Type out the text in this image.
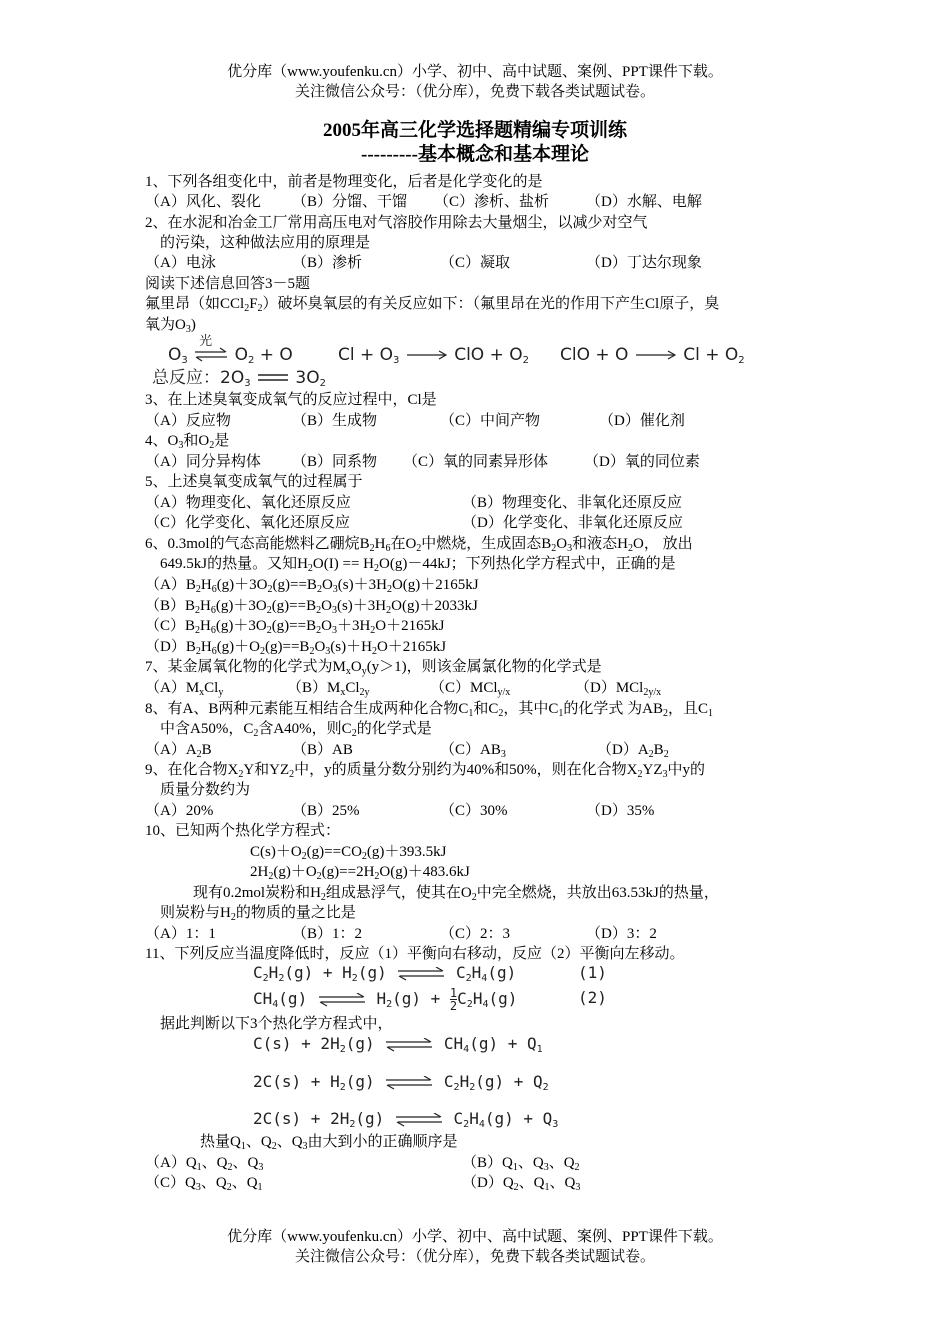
优分库（www.youfenku.cn）小学、初中、高中试题、案例、PPT课件下载。
关注微信公众号：（优分库），免费下载各类试题试卷。
2005年高三化学选择题精编专项训练
---------基本概念和基本理论
1、下列各组变化中，前者是物理变化，后者是化学变化的是
（A）风化、裂化 （B）分馏、干馏 （C）渗析、盐析 （D）水解、电解
2、在水泥和冶金工厂常用高压电对气溶胶作用除去大量烟尘，以减少对空气
的污染，这种做法应用的原理是
（A）电泳	（B）渗析	（C）凝取	（D）丁达尔现象
阅读下述信息回答3－5题
氟里昂（如$CCl_2F_2$）破坏臭氧层的有关反应如下：（氟里昂在光的作用下产生Cl原子，臭
氧为$O_3$)
$O_3$
光
$O_2 + O$	$Cl + O_3$	ClO + $O_2$ ClO + O	$Cl + O_2$
总反应：$2O_3$  $3O_2$
3、在上述臭氧变成氧气的反应过程中，Cl是
（A）反应物	（B）生成物	（C）中间产物	（D）催化剂
4、$O_3$和$O_2$是
（A）同分异构体 （B）同系物 （C）氧的同素异形体 （D）氧的同位素
5、上述臭氧变成氧气的过程属于
（A）物理变化、氧化还原反应	（B）物理变化、非氧化还原反应
（C）化学变化、氧化还原反应	（D）化学变化、非氧化还原反应
6、0.3mol的气态高能燃料乙硼烷$B_2H_6$在$O_2$中燃烧，生成固态$B_2O_3$和液态$H_2O$， 放出
649.5kJ的热量。又知$H_2O(I) == H_2O(g)-44kJ$；下列热化学方程式中，正确的是
$(A)B_2H_6(g)+3O_2(g)==B_2O_3(s)+3H_2O(g)+2165kJ$
$(B)B_2H_6(g)+3O_2(g)==B_2O_3(s)+3H_2O(g)+2033kJ$
$(C)B_2H_6(g)+3O_2(g)==B_2O_3+3H_2O+2165kJ$
$(D)B_2H_6(g)+O_2(g)==B_2O_3(s)+H_2O+2165kJ$
7、某金属氧化物的化学式为$M_xO_y(y>1)$，则该金属氯化物的化学式是
$(A)M_xCl_y$	$(B)M_xCl_{2y}$	（C）MCl$_{y/x}$	（D）MCl$_{2y/x}$
8、有A、B两种元素能互相结合生成两种化合物$C_1$和$C_2$，其中$C_1$的化学式 为$AB_2$，且$C_1$
中含A50%，$C_2$含A40%，则$C_2$的化学式是
$(A)A_2B$	（B）AB	$(C)AB_3$	$(D)A_2B_2$
9、在化合物$X_2Y$和$YZ_2$中，y的质量分数分别约为40%和50%，则在化合物$X_2YZ_3$中y的
质量分数约为
（A）20%	（B）25%	（C）30%	（D）35%
10、已知两个热化学方程式：
$C(s)+O_2(g)==CO_2(g)+393.5kJ$
$2H_2(g)+O_2(g)==2H_2O(g)+483.6kJ$
现有0.2mol炭粉和$H_2$组成悬浮气，使其在$O_2$中完全燃烧，共放出63.53kJ的热量，
则炭粉与$H_2$的物质的量之比是
（A）1：1	（B）1：2	（C）2：3	（D）3：2
11、下列反应当温度降低时，反应（1）平衡向右移动，反应（2）平衡向左移动。
$C_2H_2(g) + H_2(g)$ ⇌ $C_2H_4(g)$	(1)
$CH_4(g)$ ⇌ $H_2(g) + \frac{1}{2} C_2H_4(g)$	(2)
据此判断以下3个热化学方程式中，
$C(s) + 2H_2(g)$ ⇌ $CH_4(g) + Q_1$
$2C(s) + H_2(g)$ ⇌ $C_2H_2(g) + Q_2$
$2C(s) + 2H_2(g)$ ⇌ $C_2H_4(g) + Q_3$
热量$Q_1$、$Q_2$、$Q_3$由大到小的正确顺序是
$(A)Q_1$、$Q_2$、$Q_3$	$(B)Q_1$、$Q_3$、$Q_2$
$(C)Q_3$、$Q_2$、$Q_1$	$(D)Q_2$、$Q_1$、$Q_3$
优分库（www.youfenku.cn）小学、初中、高中试题、案例、PPT课件下载。
关注微信公众号：（优分库），免费下载各类试题试卷。
